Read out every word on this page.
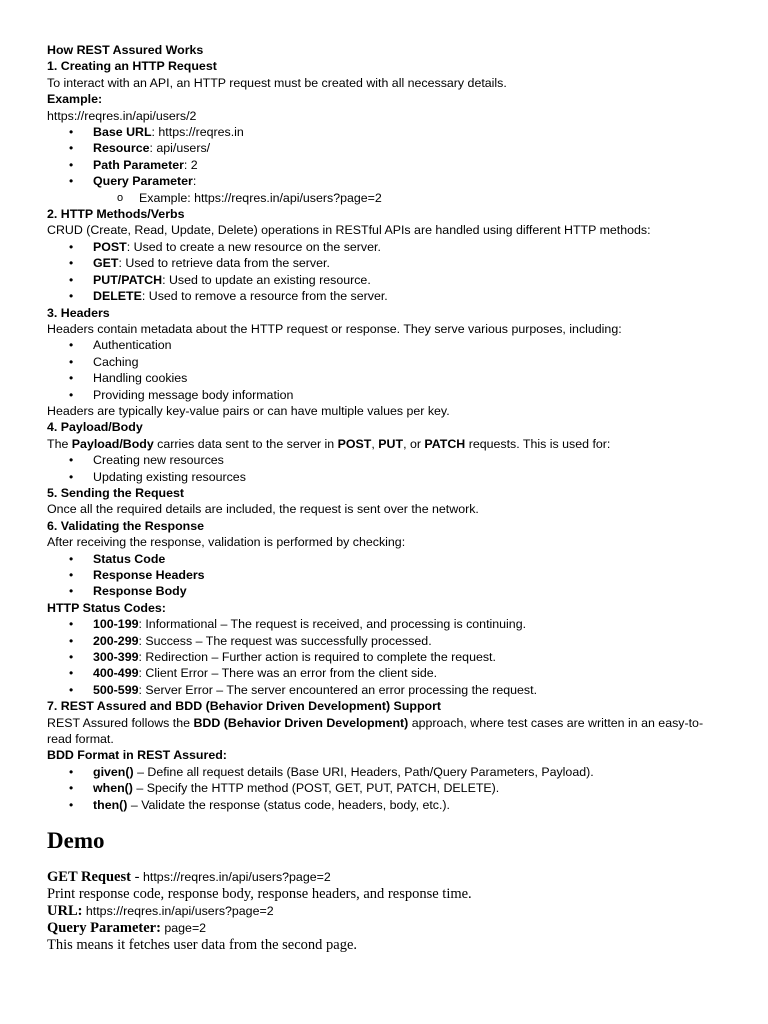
How REST Assured Works
1. Creating an HTTP Request
To interact with an API, an HTTP request must be created with all necessary details.
Example:
https://reqres.in/api/users/2
• Base URL: https://reqres.in
• Resource: api/users/
• Path Parameter: 2
• Query Parameter:
o Example: https://reqres.in/api/users?page=2
2. HTTP Methods/Verbs
CRUD (Create, Read, Update, Delete) operations in RESTful APIs are handled using different HTTP methods:
• POST: Used to create a new resource on the server.
• GET: Used to retrieve data from the server.
• PUT/PATCH: Used to update an existing resource.
• DELETE: Used to remove a resource from the server.
3. Headers
Headers contain metadata about the HTTP request or response. They serve various purposes, including:
• Authentication
• Caching
• Handling cookies
• Providing message body information
Headers are typically key-value pairs or can have multiple values per key.
4. Payload/Body
The Payload/Body carries data sent to the server in POST, PUT, or PATCH requests. This is used for:
• Creating new resources
• Updating existing resources
5. Sending the Request
Once all the required details are included, the request is sent over the network.
6. Validating the Response
After receiving the response, validation is performed by checking:
• Status Code
• Response Headers
• Response Body
HTTP Status Codes:
• 100-199: Informational – The request is received, and processing is continuing.
• 200-299: Success – The request was successfully processed.
• 300-399: Redirection – Further action is required to complete the request.
• 400-499: Client Error – There was an error from the client side.
• 500-599: Server Error – The server encountered an error processing the request.
7. REST Assured and BDD (Behavior Driven Development) Support
REST Assured follows the BDD (Behavior Driven Development) approach, where test cases are written in an easy-to-read format.
BDD Format in REST Assured:
• given() – Define all request details (Base URI, Headers, Path/Query Parameters, Payload).
• when() – Specify the HTTP method (POST, GET, PUT, PATCH, DELETE).
• then() – Validate the response (status code, headers, body, etc.).
Demo
GET Request - https://reqres.in/api/users?page=2
Print response code, response body, response headers, and response time.
URL: https://reqres.in/api/users?page=2
Query Parameter: page=2
This means it fetches user data from the second page.
